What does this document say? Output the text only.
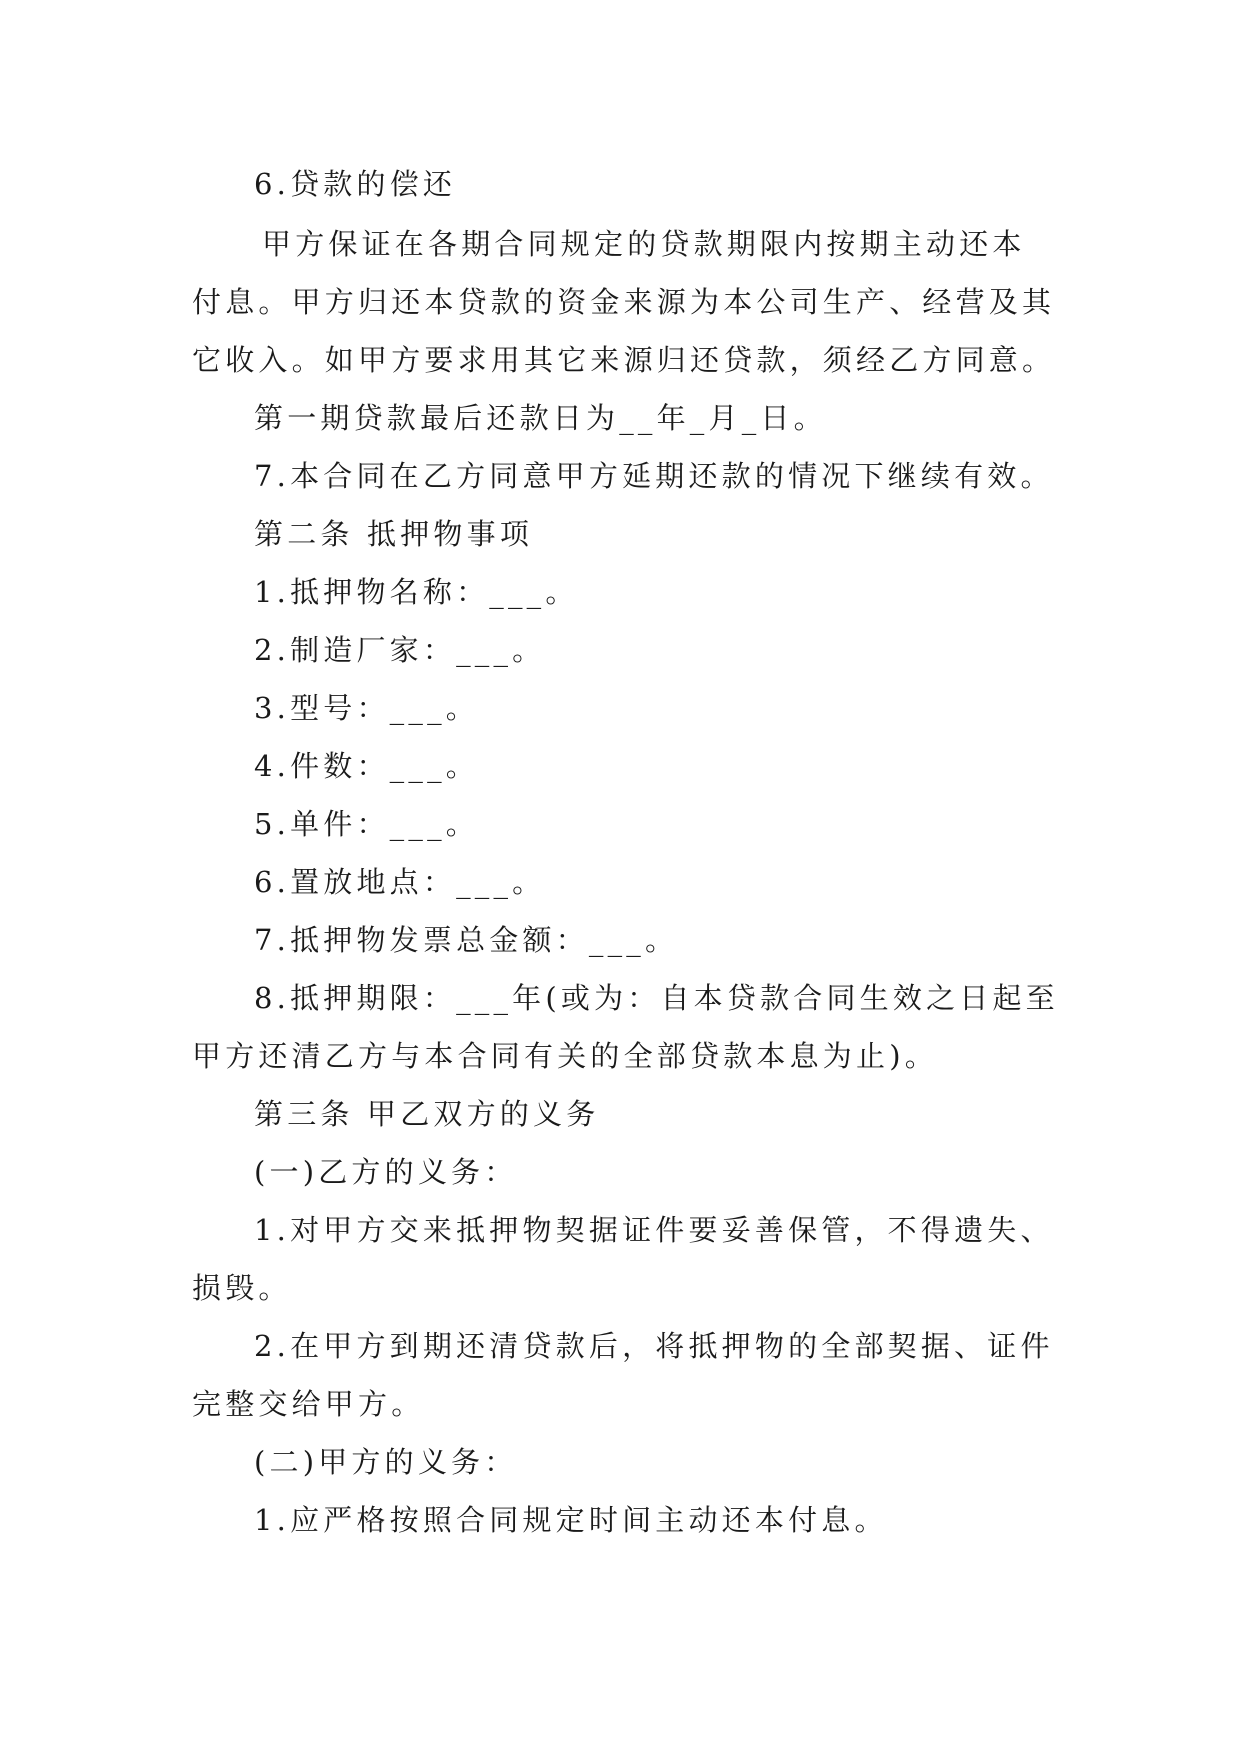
6.贷款的偿还
甲方保证在各期合同规定的贷款期限内按期主动还本
付息。甲方归还本贷款的资金来源为本公司生产、经营及其
它收入。如甲方要求用其它来源归还贷款，须经乙方同意。
第一期贷款最后还款日为__年_月_日。
7.本合同在乙方同意甲方延期还款的情况下继续有效。
第二条 抵押物事项
1.抵押物名称：___。
2.制造厂家：___。
3.型号：___。
4.件数：___。
5.单件：___。
6.置放地点：___。
7.抵押物发票总金额：___。
8.抵押期限：___年(或为：自本贷款合同生效之日起至
甲方还清乙方与本合同有关的全部贷款本息为止)。
第三条 甲乙双方的义务
(一)乙方的义务：
1.对甲方交来抵押物契据证件要妥善保管，不得遗失、
损毁。
2.在甲方到期还清贷款后，将抵押物的全部契据、证件
完整交给甲方。
(二)甲方的义务：
1.应严格按照合同规定时间主动还本付息。
